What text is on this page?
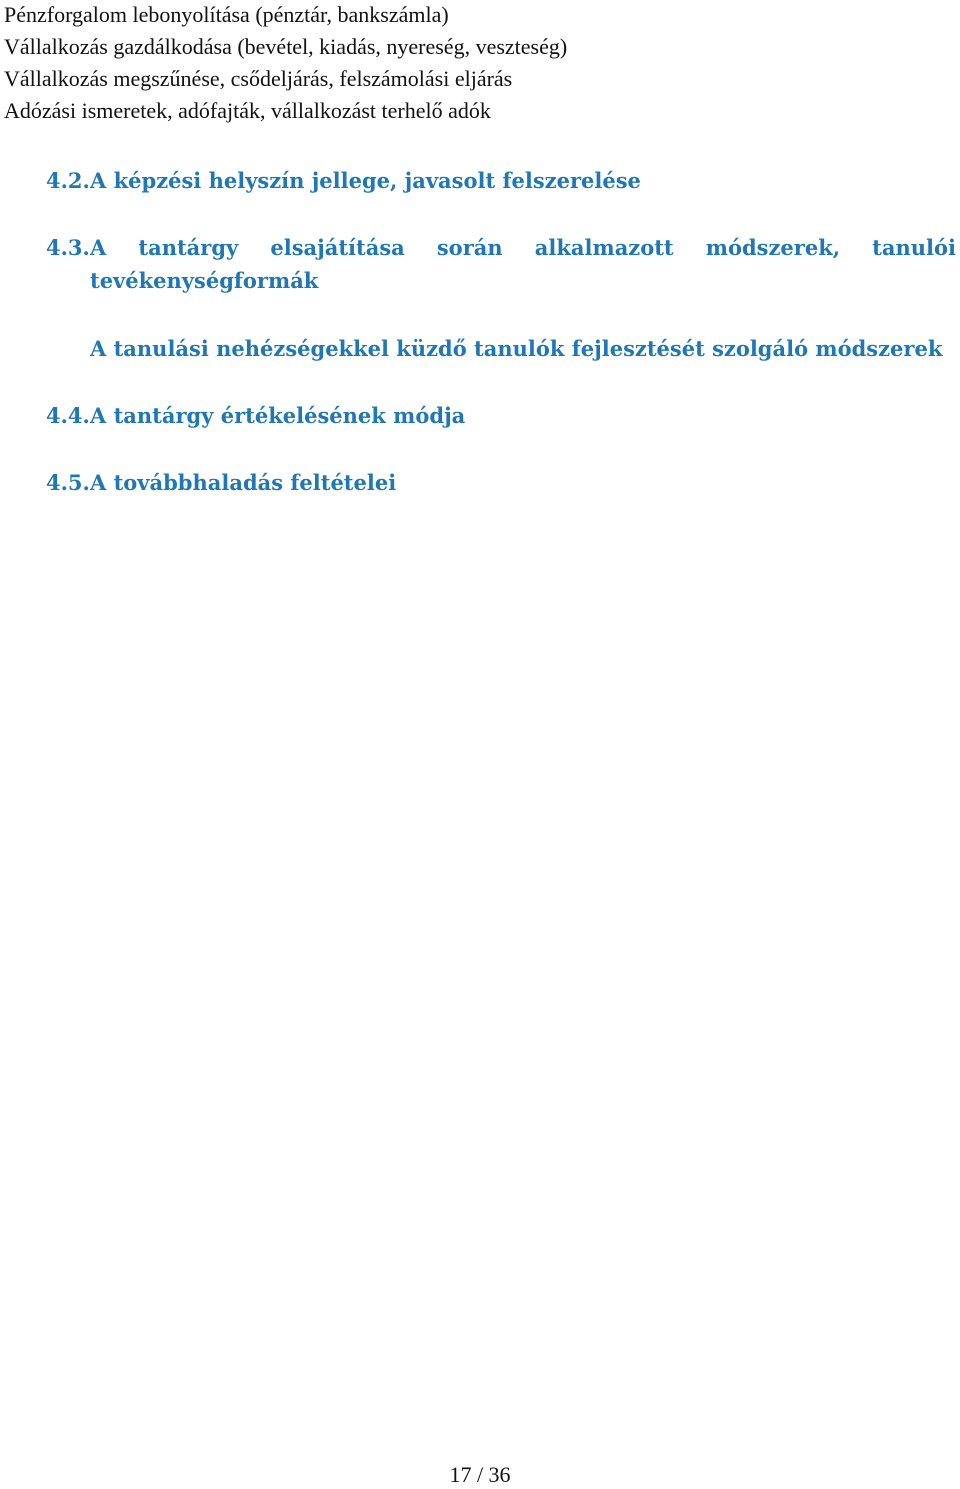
Pénzforgalom lebonyolítása (pénztár, bankszámla)
Vállalkozás gazdálkodása (bevétel, kiadás, nyereség, veszteség)
Vállalkozás megszűnése, csődeljárás, felszámolási eljárás
Adózási ismeretek, adófajták, vállalkozást terhelő adók
4.2. A képzési helyszín jellege, javasolt felszerelése
4.3. A tantárgy elsajátítása során alkalmazott módszerek, tanulói
tevékenységformák
A tanulási nehézségekkel küzdő tanulók fejlesztését szolgáló módszerek
4.4. A tantárgy értékelésének módja
4.5. A továbbhaladás feltételei
17 / 36
